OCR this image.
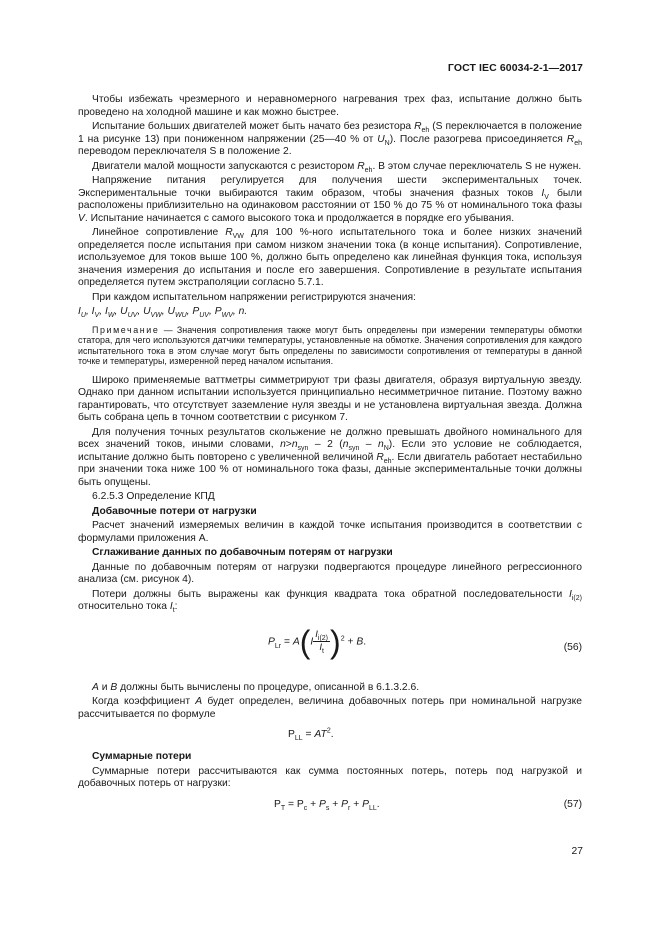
ГОСТ IEC 60034-2-1—2017

Чтобы избежать чрезмерного и неравномерного нагревания трех фаз, испытание должно быть проведено на холодной машине и как можно быстрее.

Испытание больших двигателей может быть начато без резистора $R_{eh}$ (S переключается в положение 1 на рисунке 13) при пониженном напряжении (25—40 % от $U_N$). После разогрева присоединяется $R_{eh}$ переводом переключателя S в положение 2.

Двигатели малой мощности запускаются с резистором $R_{eh}$. В этом случае переключатель S не нужен.

Напряжение питания регулируется для получения шести экспериментальных точек. Экспериментальные точки выбираются таким образом, чтобы значения фазных токов $I_V$ были расположены приблизительно на одинаковом расстоянии от 150 % до 75 % от номинального тока фазы V. Испытание начинается с самого высокого тока и продолжается в порядке его убывания.

Линейное сопротивление $R_{VW}$ для 100 %-ного испытательного тока и более низких значений определяется после испытания при самом низком значении тока (в конце испытания). Сопротивление, используемое для токов выше 100 %, должно быть определено как линейная функция тока, используя значения измерения до испытания и после его завершения. Сопротивление в результате испытания определяется путем экстраполяции согласно 5.7.1.

При каждом испытательном напряжении регистрируются значения:

$I_U$, $I_V$, $I_W$, $U_{UV}$, $U_{VW}$, $U_{WU}$, $P_{UV}$, $P_{WV}$, n.

Примечание — Значения сопротивления также могут быть определены при измерении температуры обмотки статора, для чего используются датчики температуры, установленные на обмотке. Значения сопротивления для каждого испытательного тока в этом случае могут быть определены по зависимости сопротивления от температуры в данной точке и температуры, измеренной перед началом испытания.

Широко применяемые ваттметры симметрируют три фазы двигателя, образуя виртуальную звезду. Однако при данном испытании используется принципиально несимметричное питание. Поэтому важно гарантировать, что отсутствует заземление нуля звезды и не установлена виртуальная звезда. Должна быть собрана цепь в точном соответствии с рисунком 7.

Для получения точных результатов скольжение не должно превышать двойного номинального для всех значений токов, иными словами, $n>n_{syn} - 2$ $(n_{syn} - n_N)$. Если это условие не соблюдается, испытание должно быть повторено с увеличенной величиной $R_{eh}$. Если двигатель работает нестабильно при значении тока ниже 100 % от номинального тока фазы, данные экспериментальные точки должны быть опущены.

6.2.5.3 Определение КПД

Добавочные потери от нагрузки

Расчет значений измеряемых величин в каждой точке испытания производится в соответствии с формулами приложения А.

Сглаживание данных по добавочным потерям от нагрузки

Данные по добавочным потерям от нагрузки подвергаются процедуре линейного регрессионного анализа (см. рисунок 4).

Потери должны быть выражены как функция квадрата тока обратной последовательности $I_{i(2)}$ относительно тока $I_t$:

$P_{Lr} = A(I \frac{I_{i(2)}}{I_t} )^2 + B$.	(56)

A и B должны быть вычислены по процедуре, описанной в 6.1.3.2.6.

Когда коэффициент A будет определен, величина добавочных потерь при номинальной нагрузке рассчитывается по формуле

$P_{LL} = AT^2$.

Суммарные потери

Суммарные потери рассчитываются как сумма постоянных потерь, потерь под нагрузкой и добавочных потерь от нагрузки:

$P_T = P_c + P_s + P_r + P_{LL}$.	(57)
27
